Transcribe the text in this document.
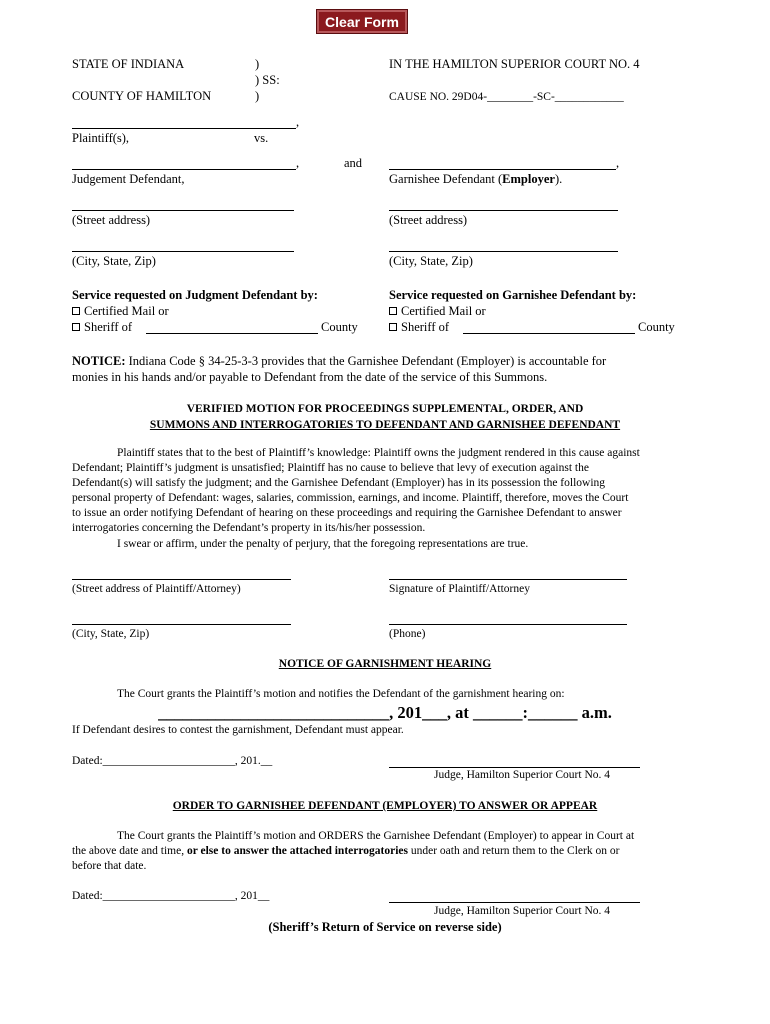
Clear Form
STATE OF INDIANA	)
) SS:
)
COUNTY OF HAMILTON
IN THE HAMILTON SUPERIOR COURT NO. 4
CAUSE NO. 29D04-________-SC-____________
,
Plaintiff(s),	vs.
,	and	,
Judgement Defendant,	Garnishee Defendant (Employer).
(Street address)	(Street address)
(City, State, Zip)	(City, State, Zip)
Service requested on Judgment Defendant by:	Service requested on Garnishee Defendant by:
Certified Mail or	Certified Mail or
Sheriff of	County	Sheriff of	County
NOTICE: Indiana Code § 34-25-3-3 provides that the Garnishee Defendant (Employer) is accountable for
monies in his hands and/or payable to Defendant from the date of the service of this Summons.
VERIFIED MOTION FOR PROCEEDINGS SUPPLEMENTAL, ORDER, AND
SUMMONS AND INTERROGATORIES TO DEFENDANT AND GARNISHEE DEFENDANT
Plaintiff states that to the best of Plaintiff’s knowledge: Plaintiff owns the judgment rendered in this cause against
Defendant; Plaintiff’s judgment is unsatisfied; Plaintiff has no cause to believe that levy of execution against the
Defendant(s) will satisfy the judgment; and the Garnishee Defendant (Employer) has in its possession the following
personal property of Defendant: wages, salaries, commission, earnings, and income. Plaintiff, therefore, moves the Court
to issue an order notifying Defendant of hearing on these proceedings and requiring the Garnishee Defendant to answer
interrogatories concerning the Defendant’s property in its/his/her possession.
I swear or affirm, under the penalty of perjury, that the foregoing representations are true.
(Street address of Plaintiff/Attorney)	Signature of Plaintiff/Attorney
(City, State, Zip)	(Phone)
NOTICE OF GARNISHMENT HEARING
The Court grants the Plaintiff’s motion and notifies the Defendant of the garnishment hearing on:
____________________________, 201___, at ______:______ a.m.
If Defendant desires to contest the garnishment, Defendant must appear.
Dated:_______________________, 201.__
Judge, Hamilton Superior Court No. 4
ORDER TO GARNISHEE DEFENDANT (EMPLOYER) TO ANSWER OR APPEAR
The Court grants the Plaintiff’s motion and ORDERS the Garnishee Defendant (Employer) to appear in Court at
the above date and time, or else to answer the attached interrogatories under oath and return them to the Clerk on or
before that date.
Dated:_______________________, 201__
Judge, Hamilton Superior Court No. 4
(Sheriff’s Return of Service on reverse side)
